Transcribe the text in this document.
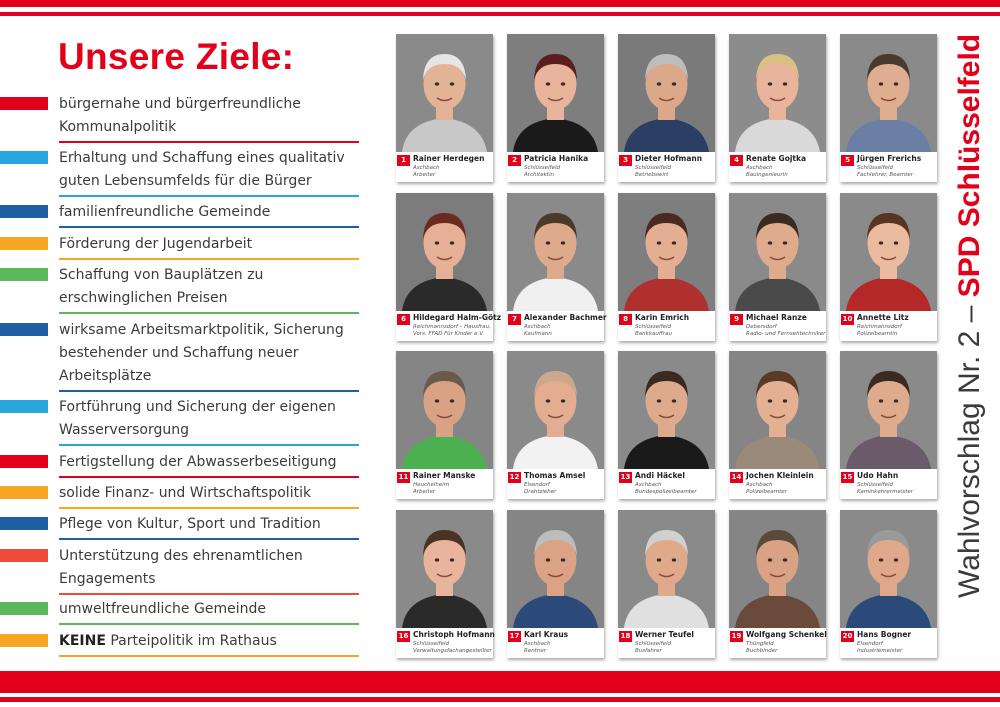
Unsere Ziele:
bürgernahe und bürgerfreundliche Kommunalpolitik
Erhaltung und Schaffung eines qualitativ guten Lebensumfelds für die Bürger
familienfreundliche Gemeinde
Förderung der Jugendarbeit
Schaffung von Bauplätzen zu erschwinglichen Preisen
wirksame Arbeitsmarktpolitik, Sicherung bestehender und Schaffung neuer Arbeitsplätze
Fortführung und Sicherung der eigenen Wasserversorgung
Fertigstellung der Abwasserbeseitigung
solide Finanz- und Wirtschaftspolitik
Pflege von Kultur, Sport und Tradition
Unterstützung des ehrenamtlichen Engagements
umweltfreundliche Gemeinde
KEINE Parteipolitik im Rathaus
1 Rainer Herdegen
Aschbach
Arbeiter
2 Patricia Hanika
Schlüsselfeld
Architektin
3 Dieter Hofmann
Schlüsselfeld
Betriebswirt
4 Renate Gojtka
Aschbach
Bauingenieurin
5 Jürgen Frerichs
Schlüsselfeld
Fachlehrer, Beamter
6 Hildegard Halm-Götz
Reichmannsdorf – Hausfrau,
Vors. FFAD Für Kinder e.V.
7 Alexander Bachmer
Aschbach
Kaufmann
8 Karin Emrich
Schlüsselfeld
Bankkauffrau
9 Michael Ranze
Debersdorf
Radio- und Fernsehtechniker
10 Annette Litz
Reichmannsdorf
Polizeibeamtin
11 Rainer Manske
Heuchelheim
Arbeiter
12 Thomas Amsel
Elsendorf
Drahtzieher
13 Andi Häckel
Aschbach
Bundespolizeibeamter
14 Jochen Kleinlein
Aschbach
Polizeibeamter
15 Udo Hahn
Schlüsselfeld
Kaminkehrermeister
16 Christoph Hofmann
Schlüsselfeld
Verwaltungsfachangestellter
17 Karl Kraus
Aschbach
Rentner
18 Werner Teufel
Schlüsselfeld
Busfahrer
19 Wolfgang Schenkel
Thüngfeld
Buchbinder
20 Hans Bogner
Elsendorf
Industriemeister
Wahlvorschlag Nr. 2 – SPD Schlüsselfeld
